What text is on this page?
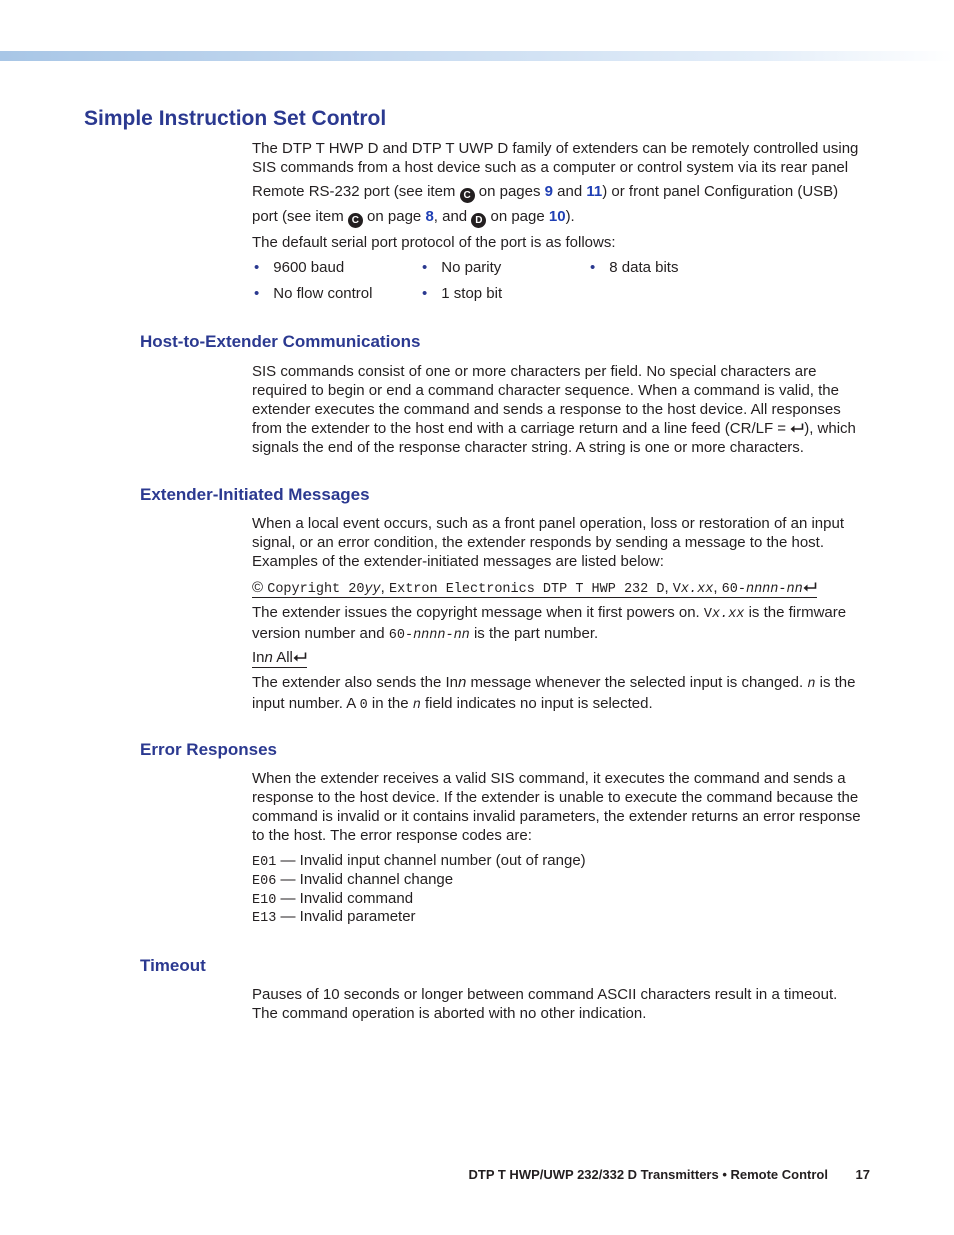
Simple Instruction Set Control
The DTP T HWP D and DTP T UWP D family of extenders can be remotely controlled using
SIS commands from a host device such as a computer or control system via its rear panel
Remote RS-232 port (see item C on pages 9 and 11) or front panel Configuration (USB)
port (see item C on page 8, and D on page 10).
The default serial port protocol of the port is as follows:
• 9600 baud	• No parity	• 8 data bits
• No flow control	• 1 stop bit
Host-to-Extender Communications
SIS commands consist of one or more characters per field. No special characters are
required to begin or end a command character sequence. When a command is valid, the
extender executes the command and sends a response to the host device. All responses
from the extender to the host end with a carriage return and a line feed (CR/LF = ), which
signals the end of the response character string. A string is one or more characters.
Extender-Initiated Messages
When a local event occurs, such as a front panel operation, loss or restoration of an input
signal, or an error condition, the extender responds by sending a message to the host.
Examples of the extender-initiated messages are listed below:
© Copyright 20yy, Extron Electronics DTP T HWP 232 D, Vx.xx, 60-nnnn-nn
The extender issues the copyright message when it first powers on. Vx.xx is the firmware
version number and 60-nnnn-nn is the part number.
Inn All
The extender also sends the Inn message whenever the selected input is changed. n is the
input number. A 0 in the n field indicates no input is selected.
Error Responses
When the extender receives a valid SIS command, it executes the command and sends a
response to the host device. If the extender is unable to execute the command because the
command is invalid or it contains invalid parameters, the extender returns an error response
to the host. The error response codes are:
E01 — Invalid input channel number (out of range)
E06 — Invalid channel change
E10 — Invalid command
E13 — Invalid parameter
Timeout
Pauses of 10 seconds or longer between command ASCII characters result in a timeout.
The command operation is aborted with no other indication.
DTP T HWP/UWP 232/332 D Transmitters • Remote Control 17
